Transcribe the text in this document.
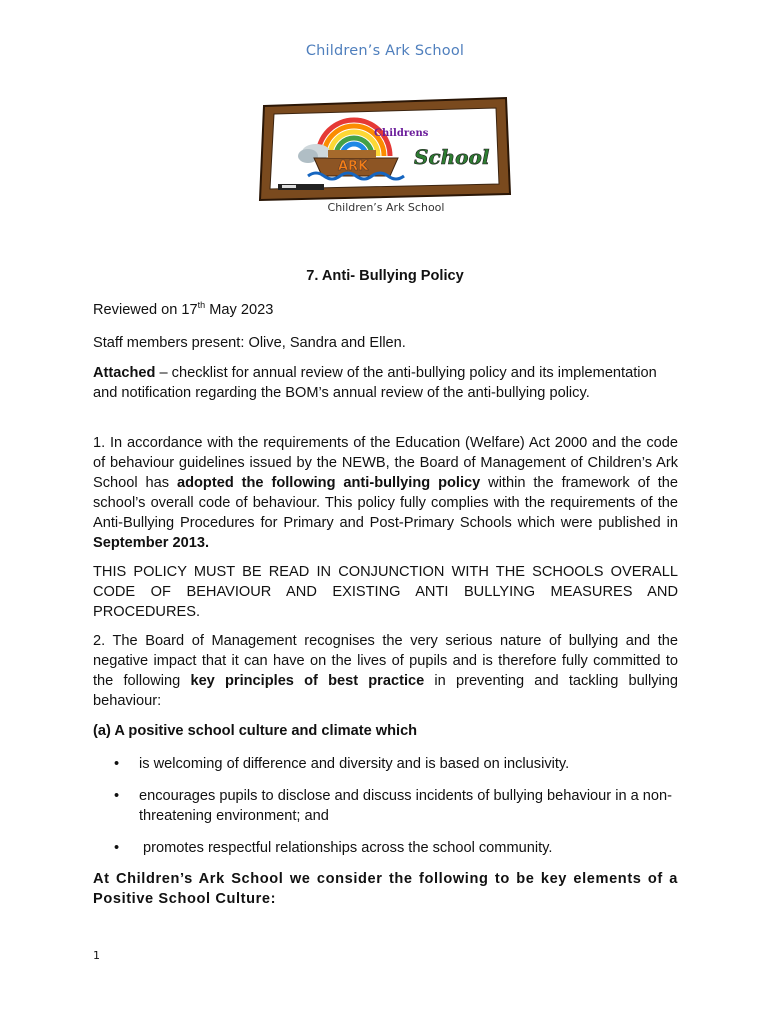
Children’s Ark School
Childrens
ARK School
Children’s Ark School
7. Anti- Bullying Policy
Reviewed on 17th May 2023
Staff members present: Olive, Sandra and Ellen.

Attached – checklist for annual review of the anti-bullying policy and its implementation and notification regarding the BOM’s annual review of the anti-bullying policy.

1. In accordance with the requirements of the Education (Welfare) Act 2000 and the code of behaviour guidelines issued by the NEWB, the Board of Management of Children’s Ark School has adopted the following anti-bullying policy within the framework of the school’s overall code of behaviour. This policy fully complies with the requirements of the Anti-Bullying Procedures for Primary and Post-Primary Schools which were published in September 2013.

THIS POLICY MUST BE READ IN CONJUNCTION WITH THE SCHOOLS OVERALL CODE OF BEHAVIOUR AND EXISTING ANTI BULLYING MEASURES AND PROCEDURES.

2. The Board of Management recognises the very serious nature of bullying and the negative impact that it can have on the lives of pupils and is therefore fully committed to the following key principles of best practice in preventing and tackling bullying behaviour:

(a) A positive school culture and climate which
• is welcoming of difference and diversity and is based on inclusivity.
• encourages pupils to disclose and discuss incidents of bullying behaviour in a non-threatening environment; and
• promotes respectful relationships across the school community.

At Children’s Ark School we consider the following to be key elements of a Positive School Culture:

1
